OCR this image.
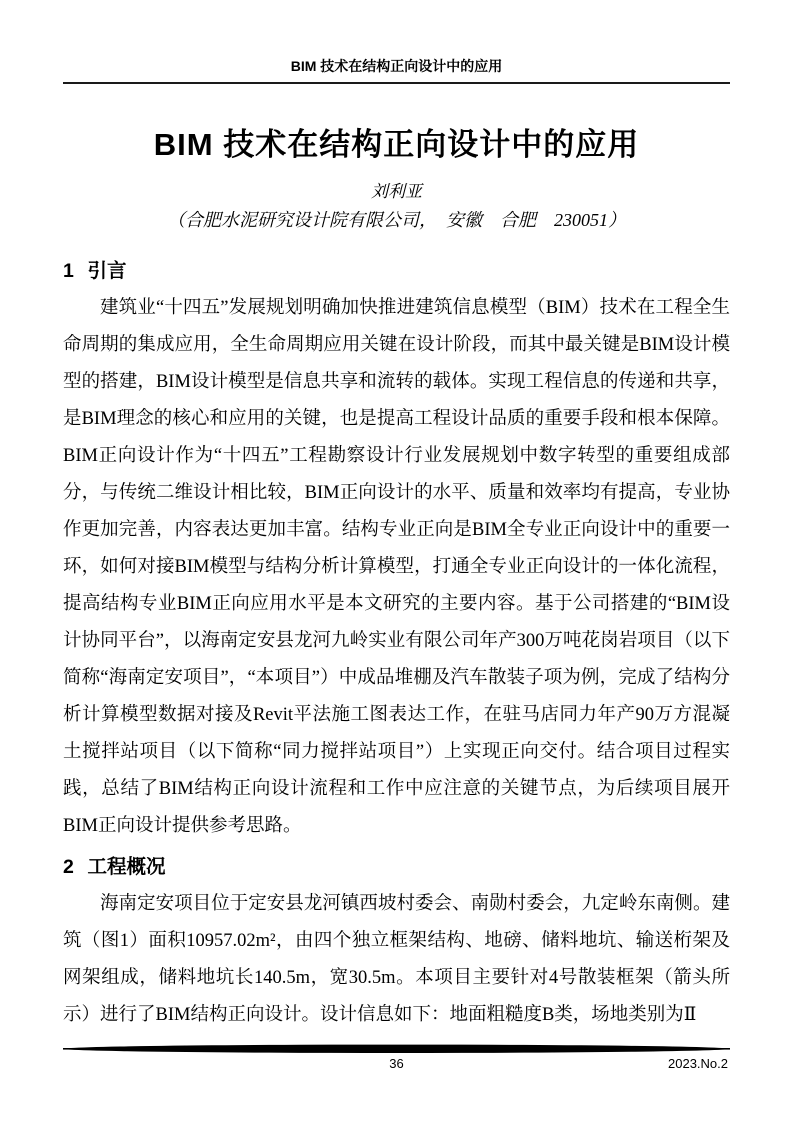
BIM 技术在结构正向设计中的应用
BIM 技术在结构正向设计中的应用
刘利亚
（合肥水泥研究设计院有限公司，　安徽　合肥　230051）
1 引言

建筑业“十四五”发展规划明确加快推进建筑信息模型（BIM）技术在工程全生命周期的集成应用，全生命周期应用关键在设计阶段，而其中最关键是BIM设计模型的搭建，BIM设计模型是信息共享和流转的载体。实现工程信息的传递和共享，是BIM理念的核心和应用的关键，也是提高工程设计品质的重要手段和根本保障。BIM正向设计作为“十四五”工程勘察设计行业发展规划中数字转型的重要组成部分，与传统二维设计相比较，BIM正向设计的水平、质量和效率均有提高，专业协作更加完善，内容表达更加丰富。结构专业正向是BIM全专业正向设计中的重要一环，如何对接BIM模型与结构分析计算模型，打通全专业正向设计的一体化流程，提高结构专业BIM正向应用水平是本文研究的主要内容。基于公司搭建的“BIM设计协同平台”，以海南定安县龙河九岭实业有限公司年产300万吨花岗岩项目（以下简称“海南定安项目”，“本项目”）中成品堆棚及汽车散装子项为例，完成了结构分析计算模型数据对接及Revit平法施工图表达工作，在驻马店同力年产90万方混凝土搅拌站项目（以下简称“同力搅拌站项目”）上实现正向交付。结合项目过程实践，总结了BIM结构正向设计流程和工作中应注意的关键节点，为后续项目展开BIM正向设计提供参考思路。

2 工程概况

海南定安项目位于定安县龙河镇西坡村委会、南勋村委会，九定岭东南侧。建筑（图1）面积10957.02m²，由四个独立框架结构、地磅、储料地坑、输送桁架及网架组成，储料地坑长140.5m，宽30.5m。本项目主要针对4号散装框架（箭头所示）进行了BIM结构正向设计。设计信息如下：地面粗糙度B类，场地类别为Ⅱ

36	2023.No.2
